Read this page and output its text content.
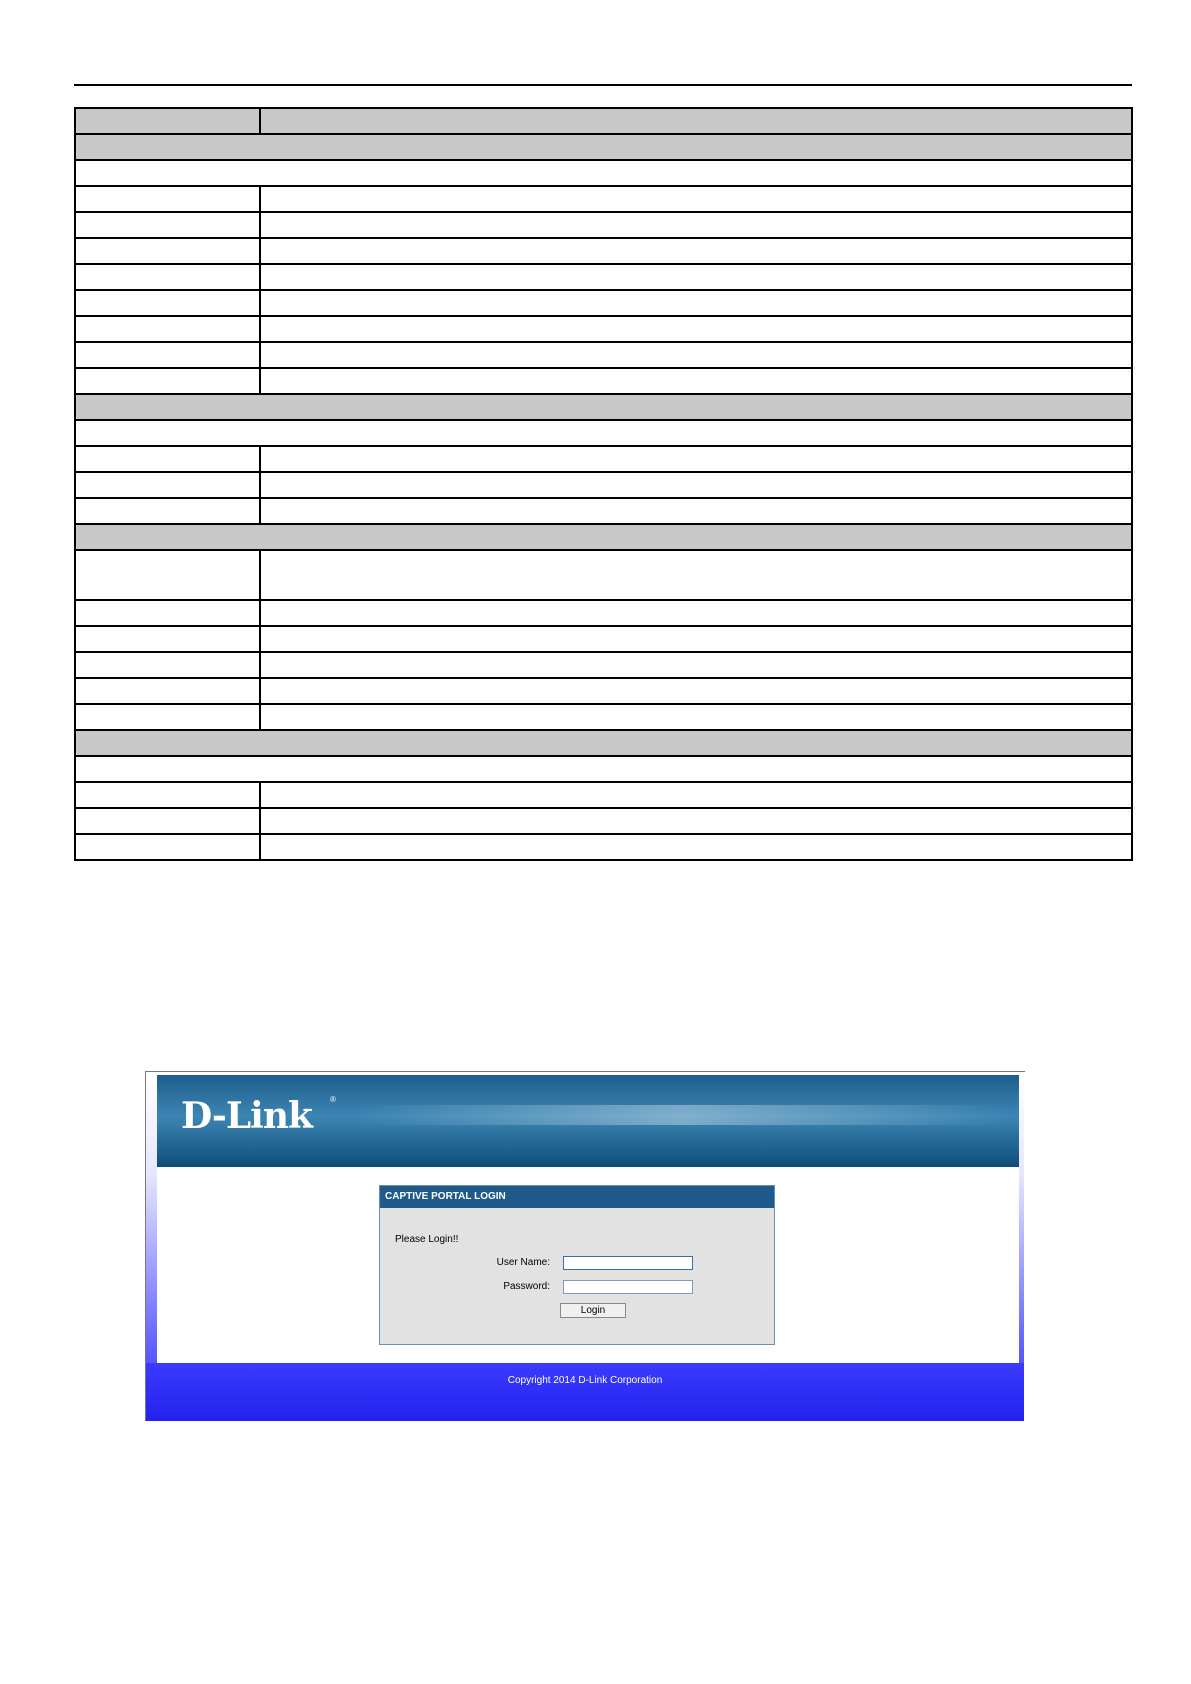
D-Link ®
CAPTIVE PORTAL LOGIN
Please Login!!
User Name:
Password:
Login
Copyright 2014 D-Link Corporation
